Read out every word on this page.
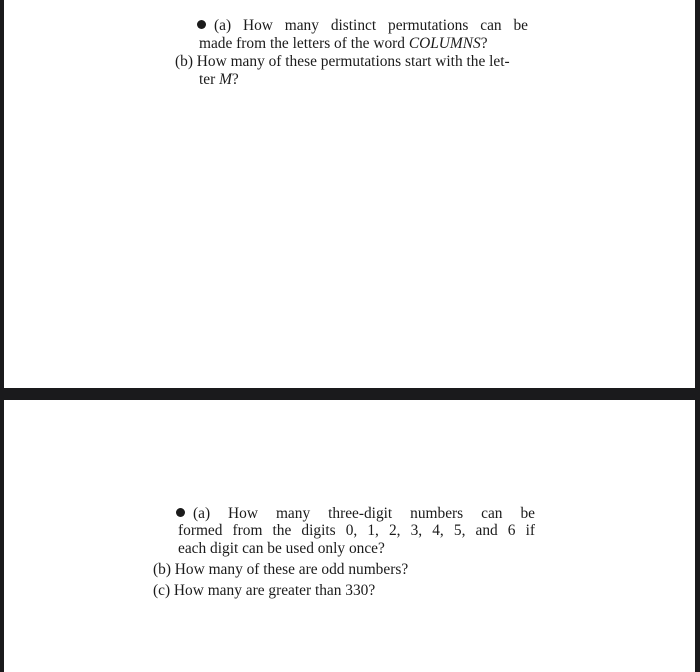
(a) How many distinct permutations can be
made from the letters of the word COLUMNS?
(b) How many of these permutations start with the let-
ter M?
(a) How many three-digit numbers can be
formed from the digits 0, 1, 2, 3, 4, 5, and 6 if
each digit can be used only once?
(b) How many of these are odd numbers?
(c) How many are greater than 330?
